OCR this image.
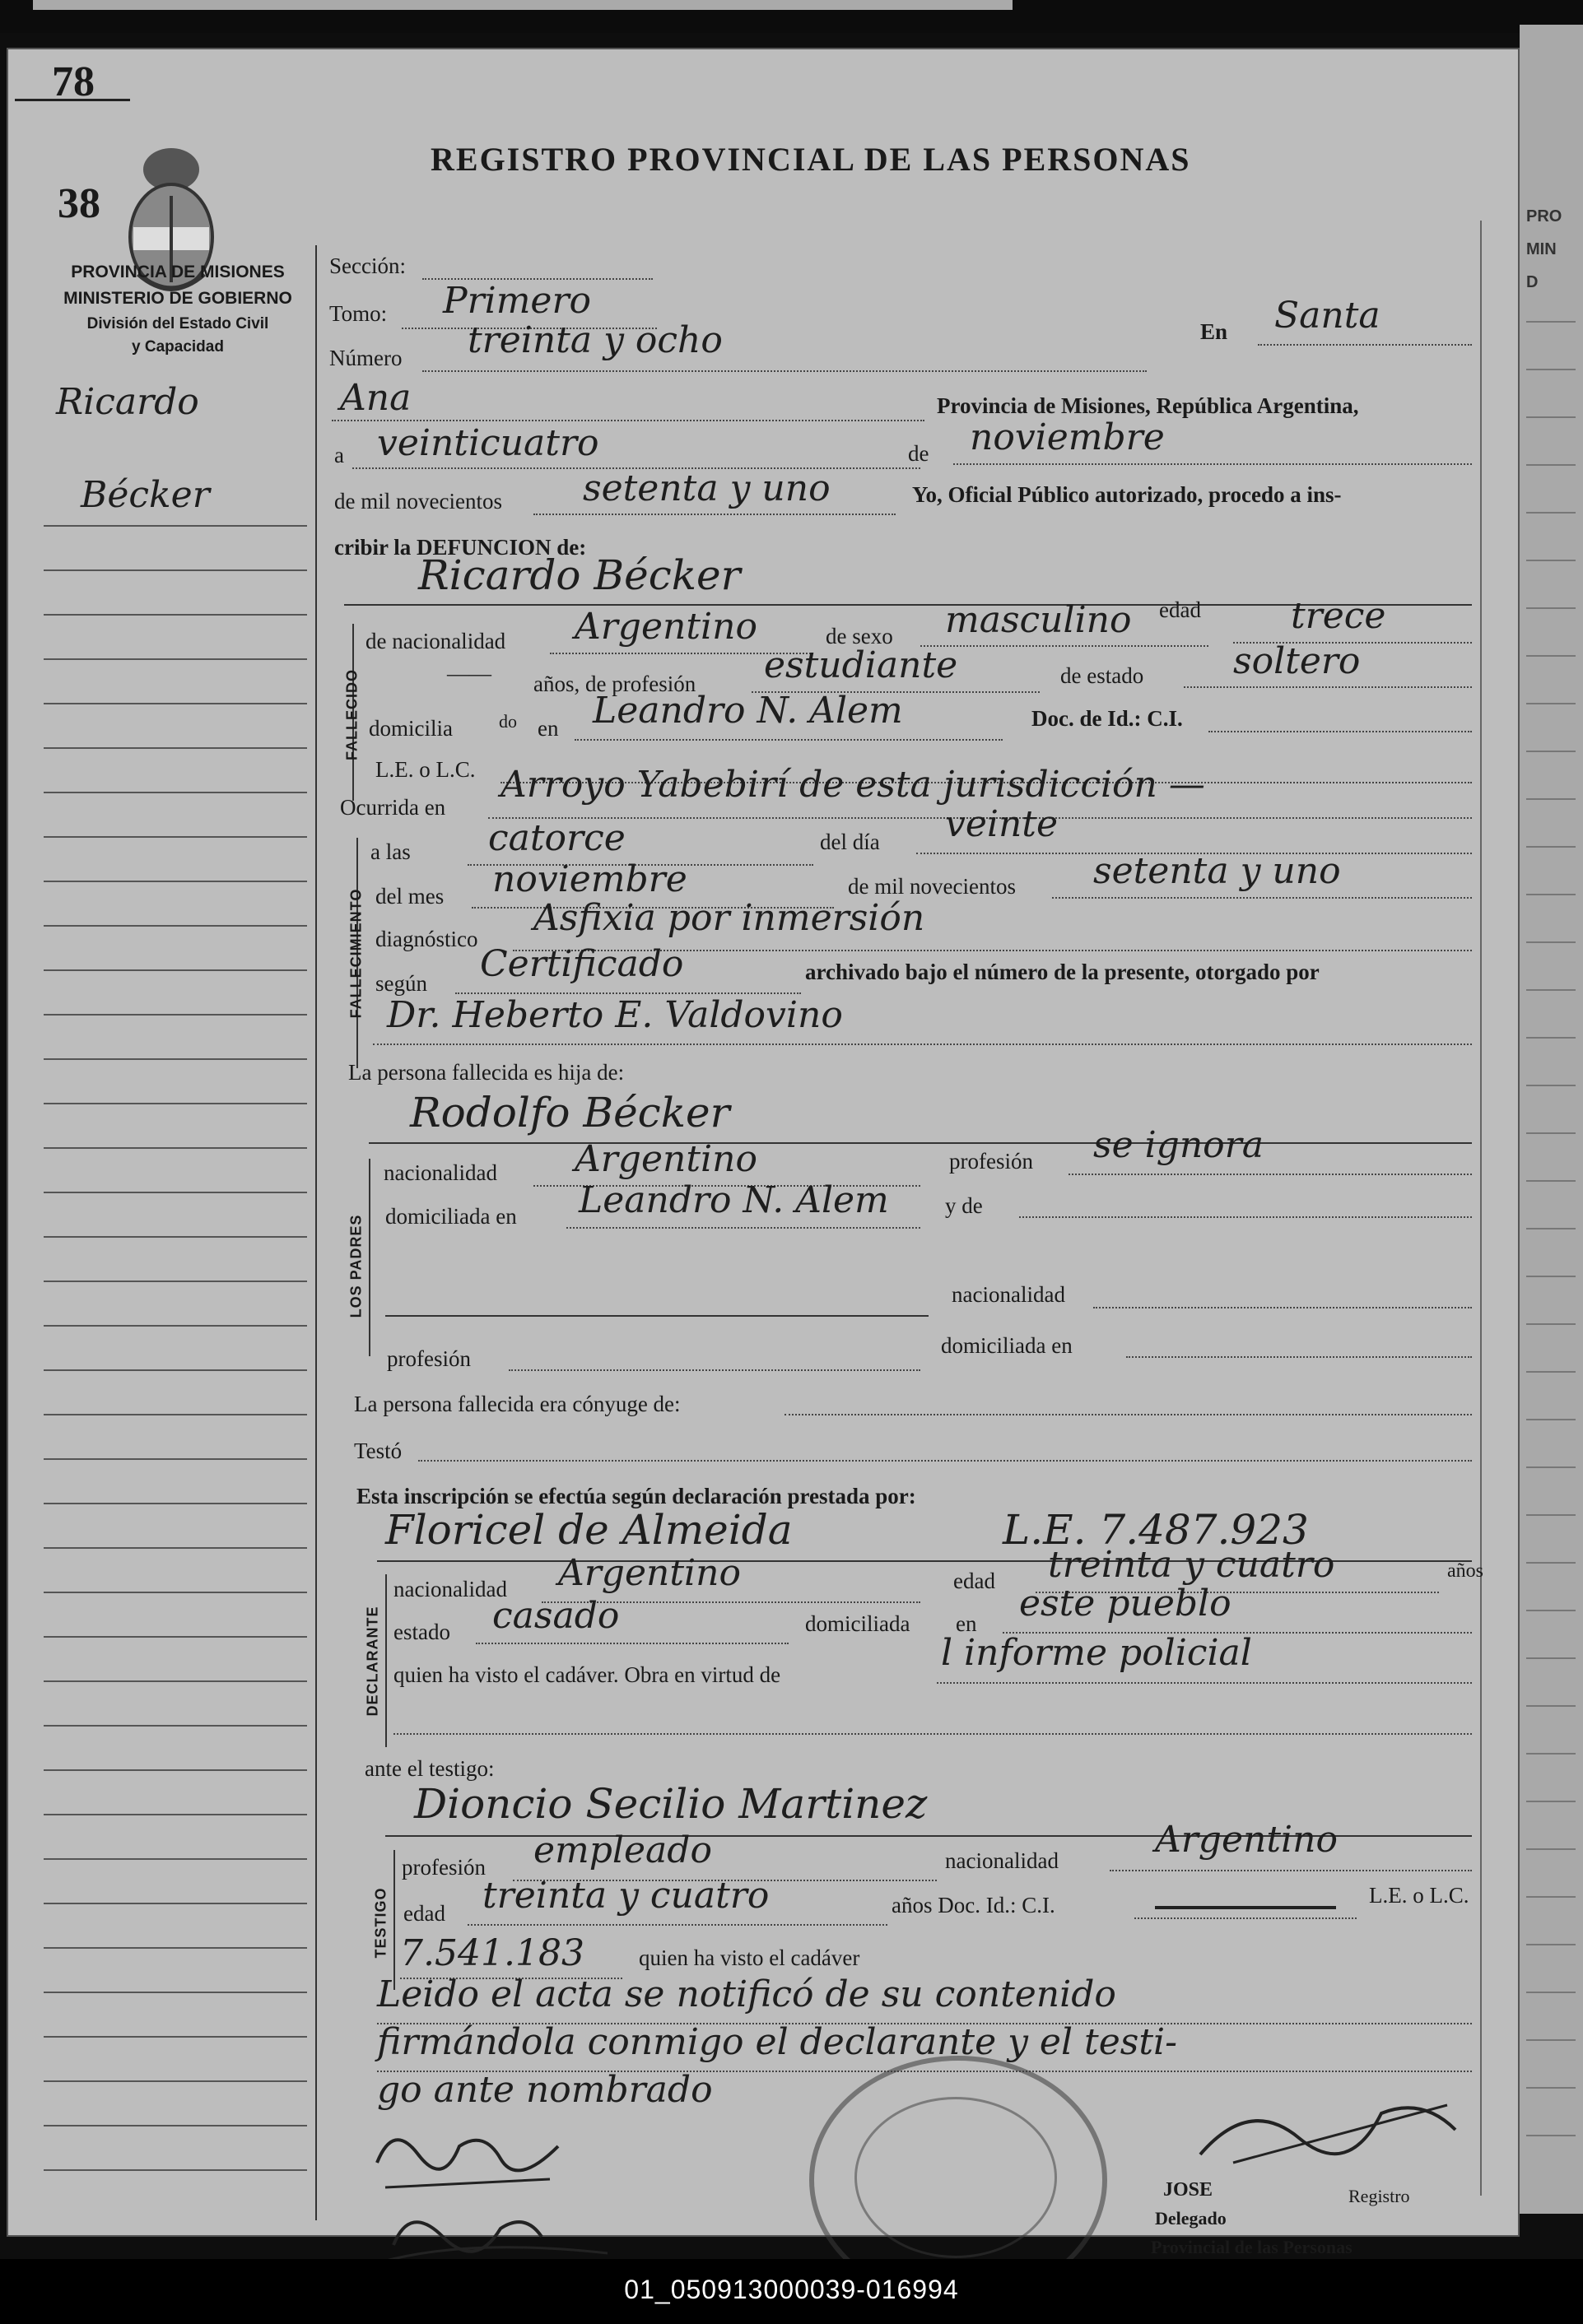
78
38
REGISTRO PROVINCIAL DE LAS PERSONAS
PROVINCIA DE MISIONES
MINISTERIO DE GOBIERNO
División del Estado Civil
y Capacidad
Ricardo
Bécker
Sección:
Tomo: Primero
Número treinta y ocho	En Santa
Ana	Provincia de Misiones, República Argentina,
a veinticuatro	de noviembre
de mil novecientos setenta y uno	Yo, Oficial Público autorizado, procedo a ins-
cribir la DEFUNCION de:
Ricardo Bécker
FALLECIDO
de nacionalidad Argentino	de sexo masculino edad trece
—— años, de profesión estudiante	de estado soltero
domicilia	do en Leandro N. Alem	Doc. de Id.: C.I.
L.E. o L.C.
Ocurrida en
Arroyo Yabebirí de esta jurisdicción —
FALLECIMIENTO
a las catorce	del día veinte
del mes noviembre	de mil novecientos setenta y uno
diagnóstico Asfixia por inmersión
según Certificado	archivado bajo el número de la presente, otorgado por
Dr. Heberto E. Valdovino
La persona fallecida es hija de:
Rodolfo Bécker
LOS PADRES
nacionalidad Argentino	profesión se ignora
domiciliada en Leandro N. Alem	y de
nacionalidad
profesión
domiciliada en
La persona fallecida era cónyuge de:
Testó
Esta inscripción se efectúa según declaración prestada por:
Floricel de Almeida	L.E. 7.487.923
DECLARANTE
nacionalidad Argentino	edad treinta y cuatro	años
estado casado	domiciliada en este pueblo
quien ha visto el cadáver. Obra en virtud de
l informe policial
ante el testigo:
Dioncio Secilio Martinez
TESTIGO
profesión empleado	nacionalidad	Argentino
edad treinta y cuatro	años Doc. Id.: C.I.	L.E. o L.C.
7.541.183 quien ha visto el cadáver
Leido el acta se notificó de su contenido
firmándola conmigo el declarante y el testi-
go ante nombrado
JOSE
Delegado
Provincial de las Personas
Registro
PRO
MIN
D
01_050913000039-016994
